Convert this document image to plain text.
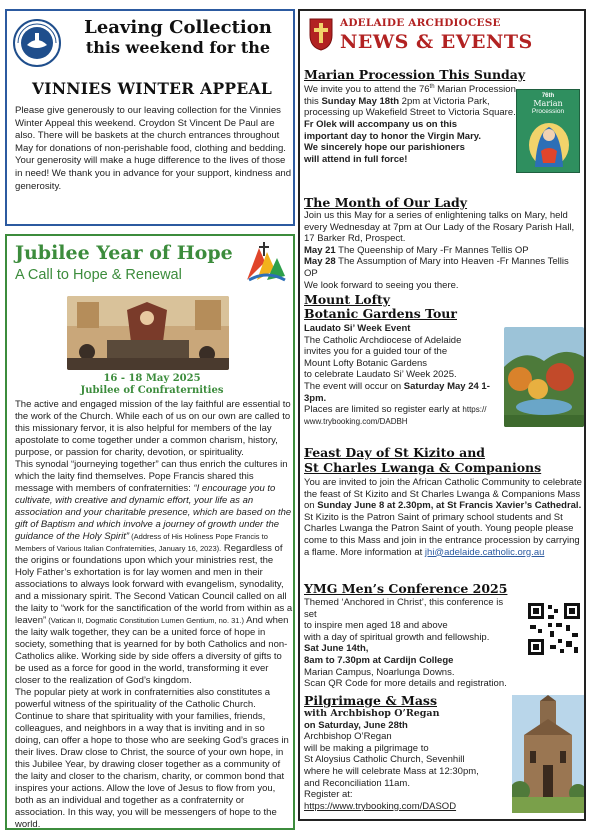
Leaving Collection
this weekend for the
VINNIES WINTER APPEAL
Please give generously to our leaving collection for the Vinnies Winter Appeal this weekend. Croydon St Vincent De Paul are also. There will be baskets at the church entrances throughout May for donations of non-perishable food, clothing and bedding. Your generosity will make a huge difference to the lives of those in need! We thank you in advance for your support, kindness and generosity.
Jubilee Year of Hope
A Call to Hope & Renewal
16 - 18 May 2025
Jubilee of Confraternities

The active and engaged mission of the lay faithful are essential to the work of the Church. While each of us on our own are called to this missionary fervor, it is also helpful for members of the lay apostolate to come together under a common charism, history, purpose, or passion for charity, devotion, or spirituality.

This synodal “journeying together” can thus enrich the cultures in which the laity find themselves. Pope Francis shared this message with members of confraternities: “I encourage you to cultivate, with creative and dynamic effort, your life as an association and your charitable presence, which are based on the gift of Baptism and which involve a journey of growth under the guidance of the Holy Spirit” (Address of His Holiness Pope Francis to Members of Various Italian Confraternities, January 16, 2023). Regardless of the origins or foundations upon which your ministries rest, the Holy Father’s exhortation is for lay women and men in their associations to always look forward with evangelism, synodality, and a missionary spirit. The Second Vatican Council called on all the laity to “work for the sanctification of the world from within as a leaven” (Vatican II, Dogmatic Constitution Lumen Gentium, no. 31.) And when the laity walk together, they can be a united force of hope in society, something that is yearned for by both Catholics and non-Catholics alike. Working side by side offers a diversity of gifts to be used as a force for good in the world, transforming it ever closer to the realization of God’s kingdom.

The popular piety at work in confraternities also constitutes a powerful witness of the spirituality of the Catholic Church. Continue to share that spirituality with your families, friends, colleagues, and neighbors in a way that is inviting and in so doing, can offer a hope to those who are seeking God’s graces in their lives. Draw close to Christ, the source of your own hope, in this Jubilee Year, by drawing closer together as a community of the laity and closer to the charism, charity, or common bond that inspires your actions. Allow the love of Jesus to flow from you, both as an individual and together as a confraternity or association. In this way, you will be messengers of hope to the world.

ADELAIDE ARCHDIOCESE
NEWS & EVENTS
Marian Procession This Sunday
We invite you to attend the 76th Marian Procession
this Sunday May 18th 2pm at Victoria Park,
processing up Wakefield Street to Victoria Square.
Fr Olek will accompany us on this
important day to honor the Virgin Mary.
We sincerely hope our parishioners
will attend in full force!
76th
Marian
Procession
The Month of Our Lady
Join us this May for a series of enlightening talks on Mary, held every Wednesday at 7pm at Our Lady of the Rosary Parish Hall, 17 Barker Rd, Prospect.
May 21 The Queenship of Mary -Fr Mannes Tellis OP
May 28 The Assumption of Mary into Heaven -Fr Mannes Tellis OP
We look forward to seeing you there.
Mount Lofty
Botanic Gardens Tour
Laudato Si’ Week Event
The Catholic Archdiocese of Adelaide
invites you for a guided tour of the
Mount Lofty Botanic Gardens
to celebrate Laudato Si’ Week 2025.
The event will occur on Saturday May 24 1-3pm.
Places are limited so register early at https://
www.trybooking.com/DADBH
Feast Day of St Kizito and
St Charles Lwanga & Companions
You are invited to join the African Catholic Community to celebrate the feast of St Kizito and St Charles Lwanga & Companions Mass on Sunday June 8 at 2.30pm, at St Francis Xavier’s Cathedral.
St Kizito is the Patron Saint of primary school students and St Charles Lwanga the Patron Saint of youth. Young people please come to this Mass and join in the entrance procession by carrying a flame. More information at jhi@adelaide.catholic.org.au
YMG Men’s Conference 2025
Themed ‘Anchored in Christ’, this conference is set
to inspire men aged 18 and above
with a day of spiritual growth and fellowship.
Sat June 14th,
8am to 7.30pm at Cardijn College
Marian Campus, Noarlunga Downs.
Scan QR Code for more details and registration.
Pilgrimage & Mass
with Archbishop O’Regan
on Saturday, June 28th
Archbishop O’Regan
will be making a pilgrimage to
St Aloysius Catholic Church, Sevenhill
where he will celebrate Mass at 12:30pm,
and Reconciliation 11am.
Register at:
https://www.trybooking.com/DASOD
